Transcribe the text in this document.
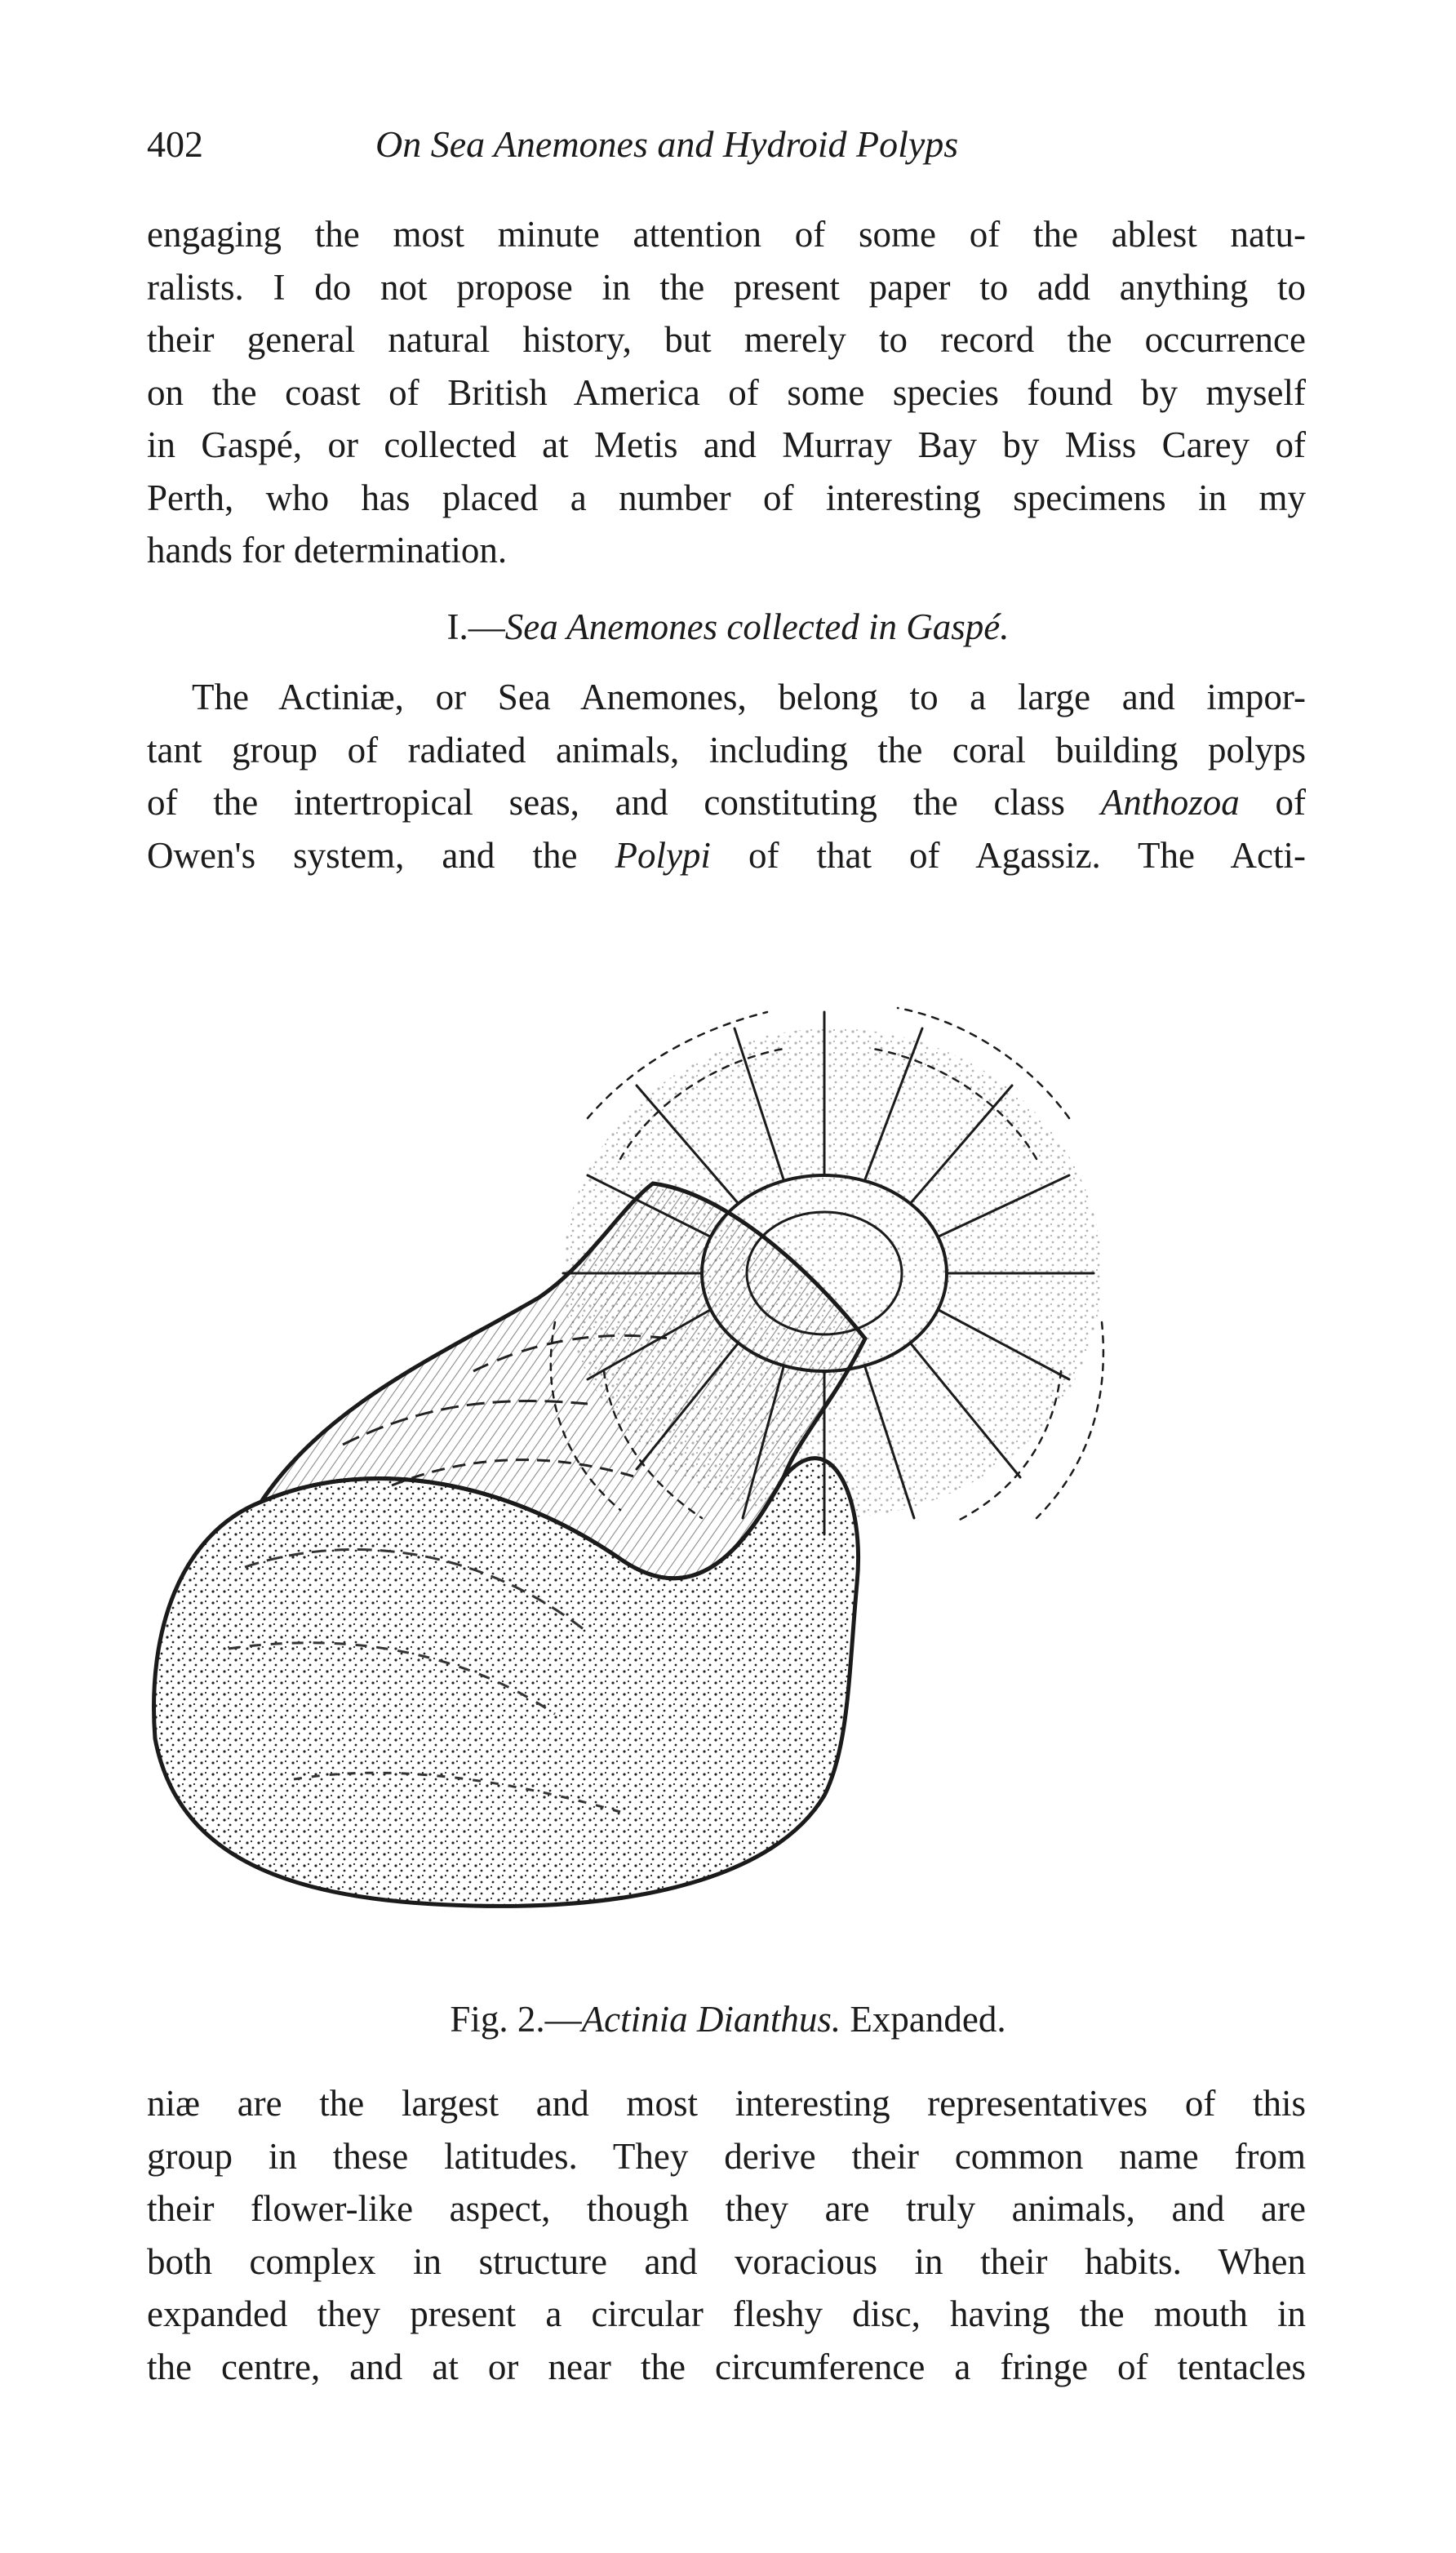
402	On Sea Anemones and Hydroid Polyps
engaging the most minute attention of some of the ablest natu-
ralists. I do not propose in the present paper to add anything to
their general natural history, but merely to record the occurrence
on the coast of British America of some species found by myself
in Gaspé, or collected at Metis and Murray Bay by Miss Carey of
Perth, who has placed a number of interesting specimens in my
hands for determination.
I.—Sea Anemones collected in Gaspé.
The Actiniæ, or Sea Anemones, belong to a large and impor-
tant group of radiated animals, including the coral building polyps
of the intertropical seas, and constituting the class Anthozoa of
Owen's system, and the Polypi of that of Agassiz. The Acti-
Fig. 2.—Actinia Dianthus. Expanded.
niæ are the largest and most interesting representatives of this
group in these latitudes. They derive their common name from
their flower-like aspect, though they are truly animals, and are
both complex in structure and voracious in their habits. When
expanded they present a circular fleshy disc, having the mouth in
the centre, and at or near the circumference a fringe of tentacles
